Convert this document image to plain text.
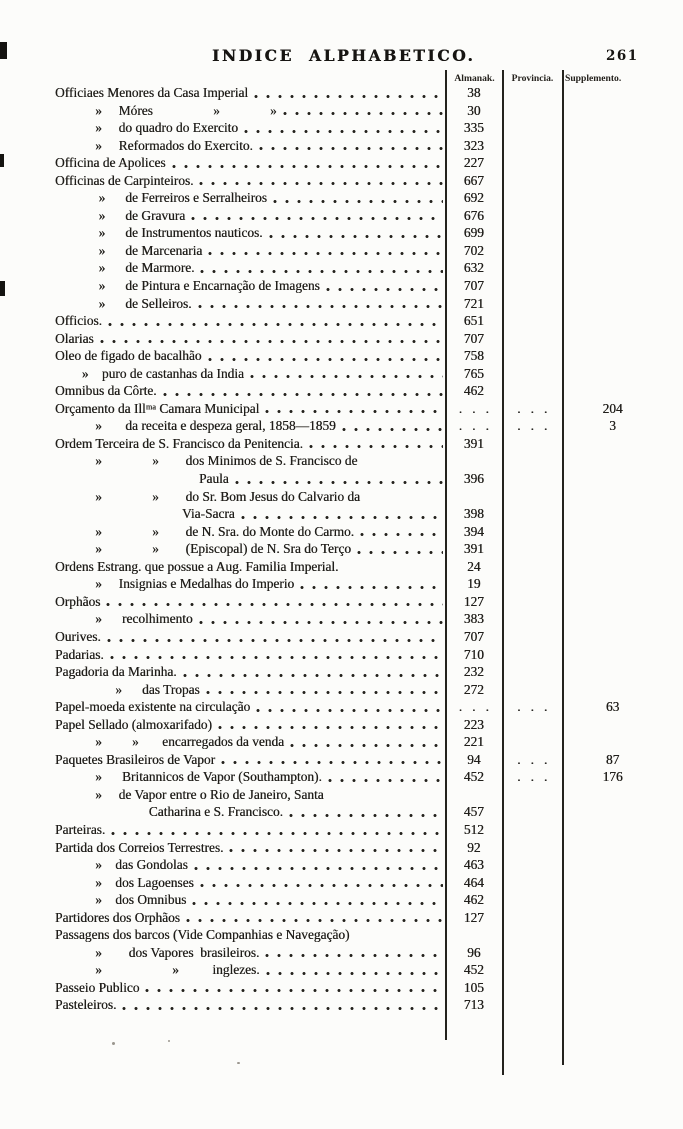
INDICE ALPHABETICO.	261
Almanak.	Provincia.	Supplemento.
Officiaes Menores da Casa Imperial	38
»     Móres                  »               »	30
»     do quadro do Exercito	335
»     Reformados do Exercito.	323
Officina de Apolices	227
Officinas de Carpinteiros.	667
»      de Ferreiros e Serralheiros	692
»      de Gravura	676
»      de Instrumentos nauticos.	699
»      de Marcenaria	702
»      de Marmore.	632
»      de Pintura e Encarnação de Imagens	707
»      de Selleiros.	721
Officios.	651
Olarias	707
Oleo de figado de bacalhão	758
»    puro de castanhas da India	765
Omnibus da Côrte.	462
Orçamento da Illᵐᵃ Camara Municipal	.   .   .	.   .   .	204
»       da receita e despeza geral, 1858—1859	.   .   .	.   .   .	3
Ordem Terceira de S. Francisco da Penitencia.	391
»               »        dos Minimos de S. Francisco de
Paula	396
»               »        do Sr. Bom Jesus do Calvario da
Via-Sacra	398
»               »        de N. Sra. do Monte do Carmo.	394
»               »        (Episcopal) de N. Sra do Terço	391
Ordens Estrang. que possue a Aug. Familia Imperial.	24
»     Insignias e Medalhas do Imperio	19
Orphãos	127
»      recolhimento	383
Ourives.	707
Padarias.	710
Pagadoria da Marinha.	232
»      das Tropas	272
Papel-moeda existente na circulação	.   .   .	.   .   .	63
Papel Sellado (almoxarifado)	223
»         »       encarregados da venda	221
Paquetes Brasileiros de Vapor	94	.   .   .	87
»      Britannicos de Vapor (Southampton).	452	.   .   .	176
»     de Vapor entre o Rio de Janeiro, Santa
Catharina e S. Francisco.	457
Parteiras.	512
Partida dos Correios Terrestres.	92
»    das Gondolas	463
»    dos Lagoenses	464
»    dos Omnibus	462
Partidores dos Orphãos	127
Passagens dos barcos (Vide Companhias e Navegação)
»        dos Vapores  brasileiros.	96
»                     »          inglezes.	452
Passeio Publico	105
Pasteleiros.	713
